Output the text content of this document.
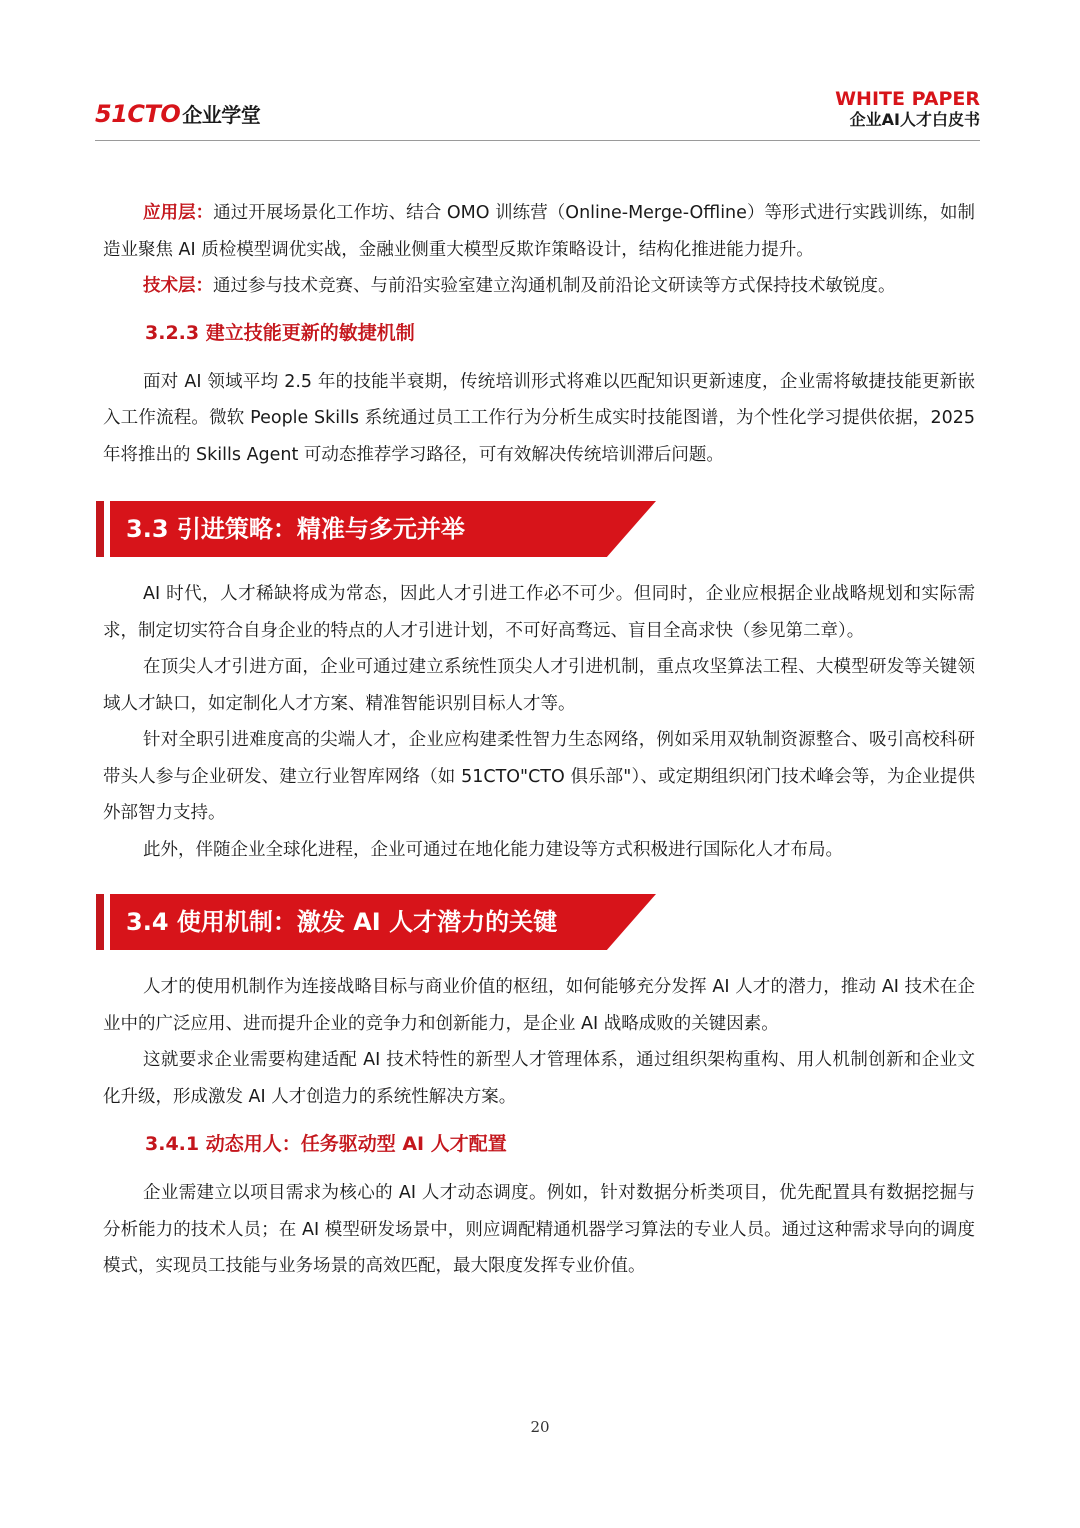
51CTO 企业学堂
WHITE PAPER
企业AI人才白皮书

应用层：通过开展场景化工作坊、结合 OMO 训练营（Online-Merge-Offline）等形式进行实践训练，如制造业聚焦 AI 质检模型调优实战，金融业侧重大模型反欺诈策略设计，结构化推进能力提升。

技术层：通过参与技术竞赛、与前沿实验室建立沟通机制及前沿论文研读等方式保持技术敏锐度。

3.2.3 建立技能更新的敏捷机制

面对 AI 领域平均 2.5 年的技能半衰期，传统培训形式将难以匹配知识更新速度，企业需将敏捷技能更新嵌入工作流程。微软 People Skills 系统通过员工工作行为分析生成实时技能图谱，为个性化学习提供依据，2025 年将推出的 Skills Agent 可动态推荐学习路径，可有效解决传统培训滞后问题。

3.3 引进策略：精准与多元并举

AI 时代，人才稀缺将成为常态，因此人才引进工作必不可少。但同时，企业应根据企业战略规划和实际需求，制定切实符合自身企业的特点的人才引进计划，不可好高骛远、盲目全高求快（参见第二章）。

在顶尖人才引进方面，企业可通过建立系统性顶尖人才引进机制，重点攻坚算法工程、大模型研发等关键领域人才缺口，如定制化人才方案、精准智能识别目标人才等。

针对全职引进难度高的尖端人才，企业应构建柔性智力生态网络，例如采用双轨制资源整合、吸引高校科研带头人参与企业研发、建立行业智库网络（如 51CTO"CTO 俱乐部"）、或定期组织闭门技术峰会等，为企业提供外部智力支持。

此外，伴随企业全球化进程，企业可通过在地化能力建设等方式积极进行国际化人才布局。

3.4 使用机制：激发 AI 人才潜力的关键

人才的使用机制作为连接战略目标与商业价值的枢纽，如何能够充分发挥 AI 人才的潜力，推动 AI 技术在企业中的广泛应用、进而提升企业的竞争力和创新能力，是企业 AI 战略成败的关键因素。

这就要求企业需要构建适配 AI 技术特性的新型人才管理体系，通过组织架构重构、用人机制创新和企业文化升级，形成激发 AI 人才创造力的系统性解决方案。

3.4.1 动态用人：任务驱动型 AI 人才配置

企业需建立以项目需求为核心的 AI 人才动态调度。例如，针对数据分析类项目，优先配置具有数据挖掘与分析能力的技术人员；在 AI 模型研发场景中，则应调配精通机器学习算法的专业人员。通过这种需求导向的调度模式，实现员工技能与业务场景的高效匹配，最大限度发挥专业价值。

20
